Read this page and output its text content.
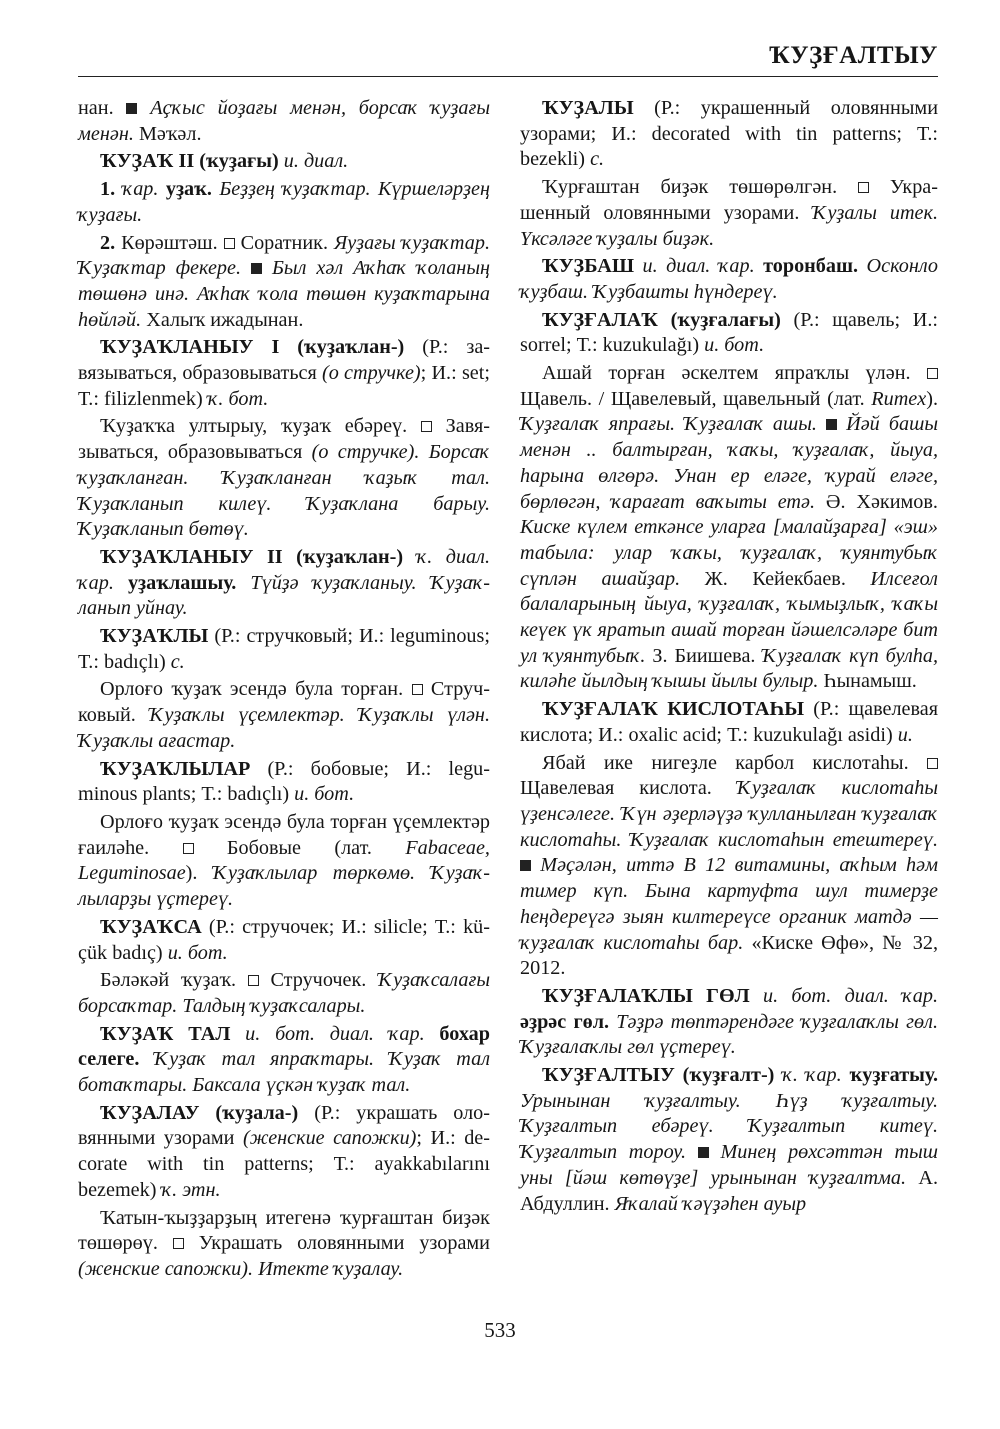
ҠУҘҒАЛТЫУ

нан.  Аҫҡыс йоҙағы менән, борсаҡ ҡуҙағы менән. Мәҡәл.

ҠУҘАҠ II (ҡуҙағы) и. диал.

1. ҡар. уҙаҡ. Беҙҙең ҡуҙаҡтар. Күршеләрҙең ҡуҙағы.

2. Көрәштәш.  Соратник. Яуҙағы ҡуҙаҡтар. Ҡуҙаҡтар фекере.  Был хәл Аҡһаҡ ҡоланың төшөнә инә. Аҡһаҡ ҡола төшөн куҙаҡтарына һөйләй. Халыҡ ижадынан.

ҠУҘАҠЛАНЫУ I (ҡуҙаҡлан-) (Р.: завязываться, образовываться (о стручке); И.: set; Т.: filizlenmek) ҡ. бот.

Ҡуҙаҡҡа ултырыу, ҡуҙаҡ ебәреү.  Завязываться, образовываться (о стручке). Борсаҡ ҡуҙаҡланған. Ҡуҙаҡланған ҡаҙыҡ тал. Ҡуҙаҡланып килеү. Ҡуҙаҡлана барыу. Ҡуҙаҡланып бөтөү.

ҠУҘАҠЛАНЫУ II (ҡуҙаҡлан-) ҡ. диал. ҡар. уҙаҡлашыу. Түйҙә ҡуҙаҡланыу. Ҡуҙаҡланып уйнау.

ҠУҘАҠЛЫ (Р.: стручковый; И.: leguminous; Т.: badıçlı) с.

Орлоғо ҡуҙаҡ эсендә була торған.  Стручковый. Ҡуҙаҡлы үҫемлектәр. Ҡуҙаҡлы үлән. Ҡуҙаҡлы ағастар.

ҠУҘАҠЛЫЛАР (Р.: бобовые; И.: leguminous plants; Т.: badıçlı) и. бот.

Орлоғо ҡуҙаҡ эсендә була торған үҫемлектәр ғаиләһе.  Бобовые (лат. Fabaceae, Leguminosae). Ҡуҙаҡлылар төркөмө. Ҡуҙаҡлыларҙы үҫтереү.

ҠУҘАҠСА (Р.: стручочек; И.: silicle; Т.: küçük badıç) и. бот.

Бәләкәй ҡуҙаҡ.  Стручочек. Ҡуҙаҡсалағы борсаҡтар. Талдың ҡуҙаҡсалары.

ҠУҘАҠ ТАЛ и. бот. диал. ҡар. бохар селеге. Ҡуҙаҡ тал япраҡтары. Ҡуҙаҡ тал ботаҡтары. Баксала үҫкән ҡуҙаҡ тал.

ҠУҘАЛАУ (ҡуҙала-) (Р.: украшать оловянными узорами (женские сапожки); И.: decorate with tin patterns; Т.: ayakkabılarını bezemek) ҡ. этн.

Ҡатын-ҡыҙҙарҙың итегенә ҡурғаштан биҙәк төшөрөү.  Украшать оловянными узорами (женские сапожки). Итекте ҡуҙалау.

ҠУҘАЛЫ (Р.: украшенный оловянными узорами; И.: decorated with tin patterns; Т.: bezekli) с.

Ҡурғаштан биҙәк төшөрөлгән.  Украшенный оловянными узорами. Ҡуҙалы итек. Үксәләге ҡуҙалы биҙәк.

ҠУҘБАШ и. диал. ҡар. торонбаш. Осконло ҡуҙбаш. Ҡуҙбашты һүндереү.

ҠУҘҒАЛАҠ (ҡуҙғалағы) (Р.: щавель; И.: sorrel; Т.: kuzukulağı) и. бот.

Ашай торған әскелтем япраҡлы үлән.  Щавель. / Щавелевый, щавельный (лат. Rumex). Ҡуҙғалаҡ япрағы. Ҡуҙғалаҡ ашы.  Йәй башы менән .. балтырған, ҡаҡы, ҡуҙғалаҡ, йыуа, һарына өлгөрә. Унан ер еләге, ҡурай еләге, бөрлөгән, ҡарағат ваҡыты етә. Ә. Хәкимов. Киске күлем еткәнсе уларға [малайҙарға] «эш» табыла: улар ҡаҡы, ҡуҙғалаҡ, ҡуянтубыҡ сүплән ашайҙар. Ж. Кейекбаев. Илсеғол балаларының йыуа, ҡуҙғалаҡ, ҡымыҙлыҡ, ҡаҡы кеүек үк яратып ашай торған йәшелсәләре бит ул ҡуянтубыҡ. З. Биишева. Ҡуҙғалаҡ күп булһа, киләһе йылдың ҡышы йылы булыр. Һынамыш.

ҠУҘҒАЛАҠ КИСЛОТАҺЫ (Р.: щавелевая кислота; И.: oxalic acid; Т.: kuzukulağı asidi) и.

Ябай ике нигеҙле карбол кислотаһы.  Щавелевая кислота. Ҡуҙғалаҡ кислотаһы үҙенсәлеге. Ҡүн әҙерләүҙә ҡулланылған ҡуҙғалаҡ кислотаһы. Ҡуҙғалаҡ кислотаһын етештереү.  Мәҫәлән, иттә В 12 витамины, аҡһым һәм тимер күп. Бына картуфта шул тимерҙе һеңдереүгә зыян килтереүсе органик матдә — ҡуҙғалаҡ кислотаһы бар. «Киске Өфө», № 32, 2012.

ҠУҘҒАЛАҠЛЫ ГӨЛ и. бот. диал. ҡар. әҙрәс гөл. Тәҙрә төптәрендәге ҡуҙғалаҡлы гөл. Ҡуҙғалаҡлы гөл үҫтереү.

ҠУҘҒАЛТЫУ (ҡуҙғалт-) ҡ. ҡар. ҡуҙғатыу. Урынынан ҡуҙғалтыу. Һүҙ ҡуҙғалтыу. Ҡуҙғалтып ебәреү. Ҡуҙғалтып китеү. Ҡуҙғалтып тороу.  Минең рөхсәттән тыш уны [йәш көтөүҙе] урынынан ҡуҙғалтма. А. Абдуллин. Яҡалай ҡәүҙәһен ауыр

533
